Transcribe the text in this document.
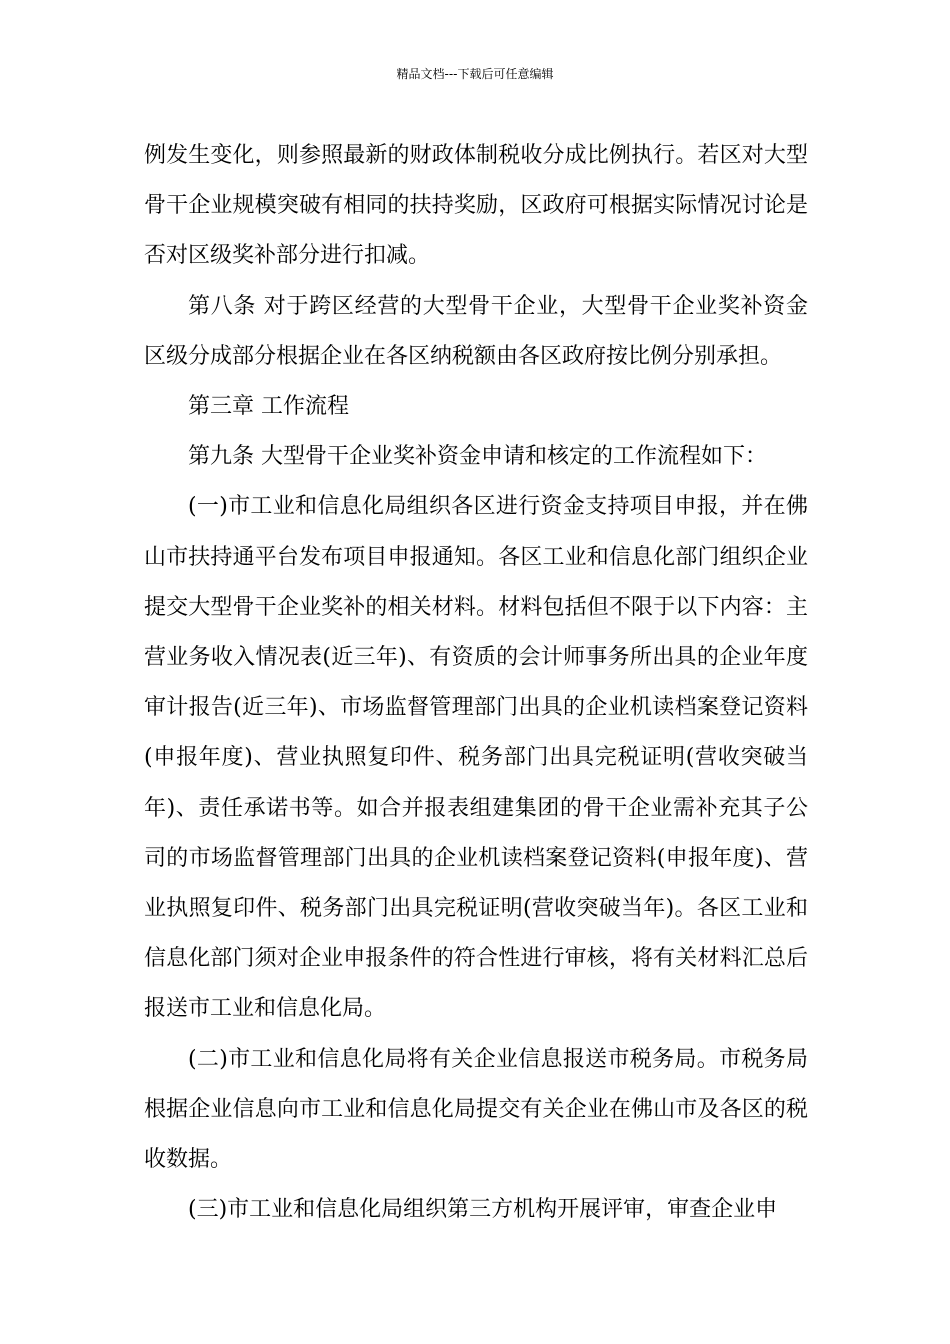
精品文档---下载后可任意编辑

例发生变化，则参照最新的财政体制税收分成比例执行。若区对大型骨干企业规模突破有相同的扶持奖励，区政府可根据实际情况讨论是否对区级奖补部分进行扣减。

第八条 对于跨区经营的大型骨干企业，大型骨干企业奖补资金区级分成部分根据企业在各区纳税额由各区政府按比例分别承担。

第三章 工作流程

第九条 大型骨干企业奖补资金申请和核定的工作流程如下：

(一)市工业和信息化局组织各区进行资金支持项目申报，并在佛山市扶持通平台发布项目申报通知。各区工业和信息化部门组织企业提交大型骨干企业奖补的相关材料。材料包括但不限于以下内容：主营业务收入情况表(近三年)、有资质的会计师事务所出具的企业年度审计报告(近三年)、市场监督管理部门出具的企业机读档案登记资料(申报年度)、营业执照复印件、税务部门出具完税证明(营收突破当年)、责任承诺书等。如合并报表组建集团的骨干企业需补充其子公司的市场监督管理部门出具的企业机读档案登记资料(申报年度)、营业执照复印件、税务部门出具完税证明(营收突破当年)。各区工业和信息化部门须对企业申报条件的符合性进行审核，将有关材料汇总后报送市工业和信息化局。

(二)市工业和信息化局将有关企业信息报送市税务局。市税务局根据企业信息向市工业和信息化局提交有关企业在佛山市及各区的税收数据。

(三)市工业和信息化局组织第三方机构开展评审，审查企业申
